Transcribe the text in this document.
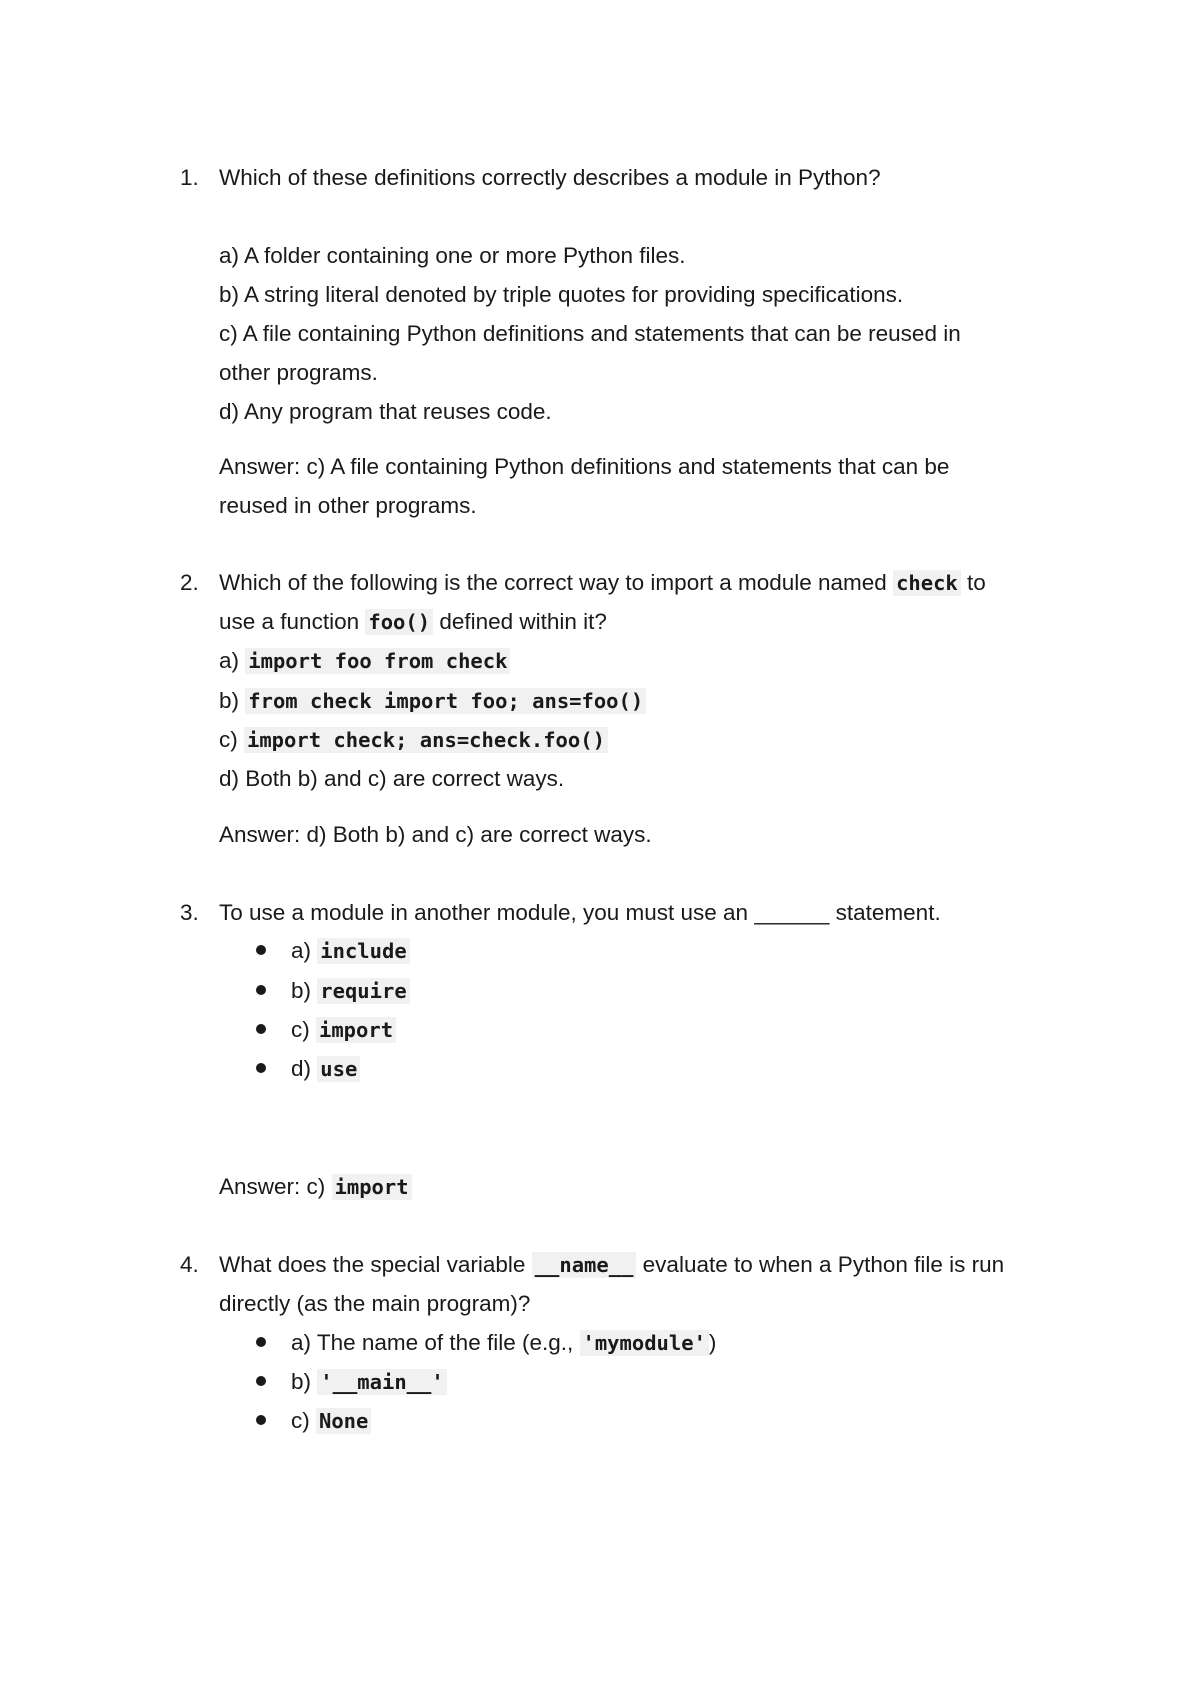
1. Which of these definitions correctly describes a module in Python?
a) A folder containing one or more Python files.
b) A string literal denoted by triple quotes for providing specifications.
c) A file containing Python definitions and statements that can be reused in
other programs.
d) Any program that reuses code.
Answer: c) A file containing Python definitions and statements that can be
reused in other programs.
2. Which of the following is the correct way to import a module named check to
use a function foo() defined within it?
a) import foo from check
b) from check import foo; ans=foo()
c) import check; ans=check.foo()
d) Both b) and c) are correct ways.
Answer: d) Both b) and c) are correct ways.
3. To use a module in another module, you must use an ______ statement.
a) include
b) require
c) import
d) use
Answer: c) import
4. What does the special variable __name__ evaluate to when a Python file is run
directly (as the main program)?
a) The name of the file (e.g., 'mymodule' )
b) '__main__'
c) None
